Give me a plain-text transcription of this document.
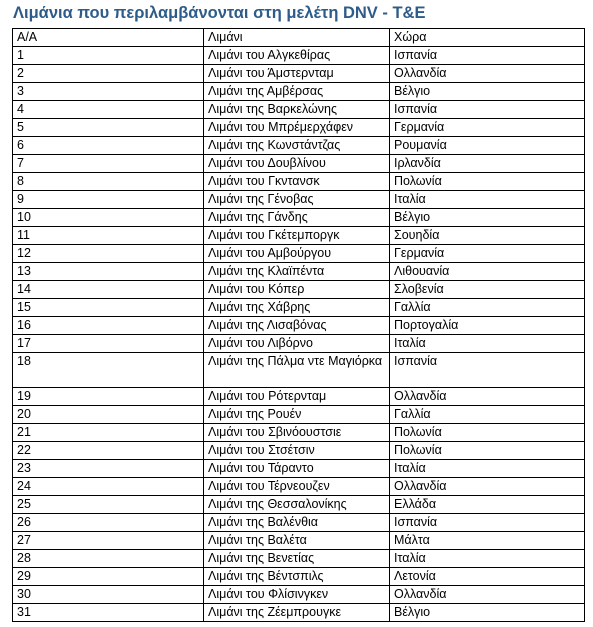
Λιμάνια που περιλαμβάνονται στη μελέτη DNV - T&E
Α/Α	Λιμάνι	Χώρα
1	Λιμάνι του Αλγκεθίρας	Ισπανία
2	Λιμάνι του Άμστερνταμ	Ολλανδία
3	Λιμάνι της Αμβέρσας	Βέλγιο
4	Λιμάνι της Βαρκελώνης	Ισπανία
5	Λιμάνι του Μπρέμερχάφεν	Γερμανία
6	Λιμάνι της Κωνστάντζας	Ρουμανία
7	Λιμάνι του Δουβλίνου	Ιρλανδία
8	Λιμάνι του Γκντανσκ	Πολωνία
9	Λιμάνι της Γένοβας	Ιταλία
10	Λιμάνι της Γάνδης	Βέλγιο
11	Λιμάνι του Γκέτεμποργκ	Σουηδία
12	Λιμάνι του Αμβούργου	Γερμανία
13	Λιμάνι της Κλαϊπέντα	Λιθουανία
14	Λιμάνι του Κόπερ	Σλοβενία
15	Λιμάνι της Χάβρης	Γαλλία
16	Λιμάνι της Λισαβόνας	Πορτογαλία
17	Λιμάνι του Λιβόρνο	Ιταλία
18	Λιμάνι της Πάλμα ντε Μαγιόρκα	Ισπανία
19	Λιμάνι του Ρότερνταμ	Ολλανδία
20	Λιμάνι της Ρουέν	Γαλλία
21	Λιμάνι του Σβινόουστσιε	Πολωνία
22	Λιμάνι του Στσέτσιν	Πολωνία
23	Λιμάνι του Τάραντο	Ιταλία
24	Λιμάνι του Τέρνεουζεν	Ολλανδία
25	Λιμάνι της Θεσσαλονίκης	Ελλάδα
26	Λιμάνι της Βαλένθια	Ισπανία
27	Λιμάνι της Βαλέτα	Μάλτα
28	Λιμάνι της Βενετίας	Ιταλία
29	Λιμάνι της Βέντσπιλς	Λετονία
30	Λιμάνι του Φλίσινγκεν	Ολλανδία
31	Λιμάνι της Ζέεμπρουγκε	Βέλγιο
